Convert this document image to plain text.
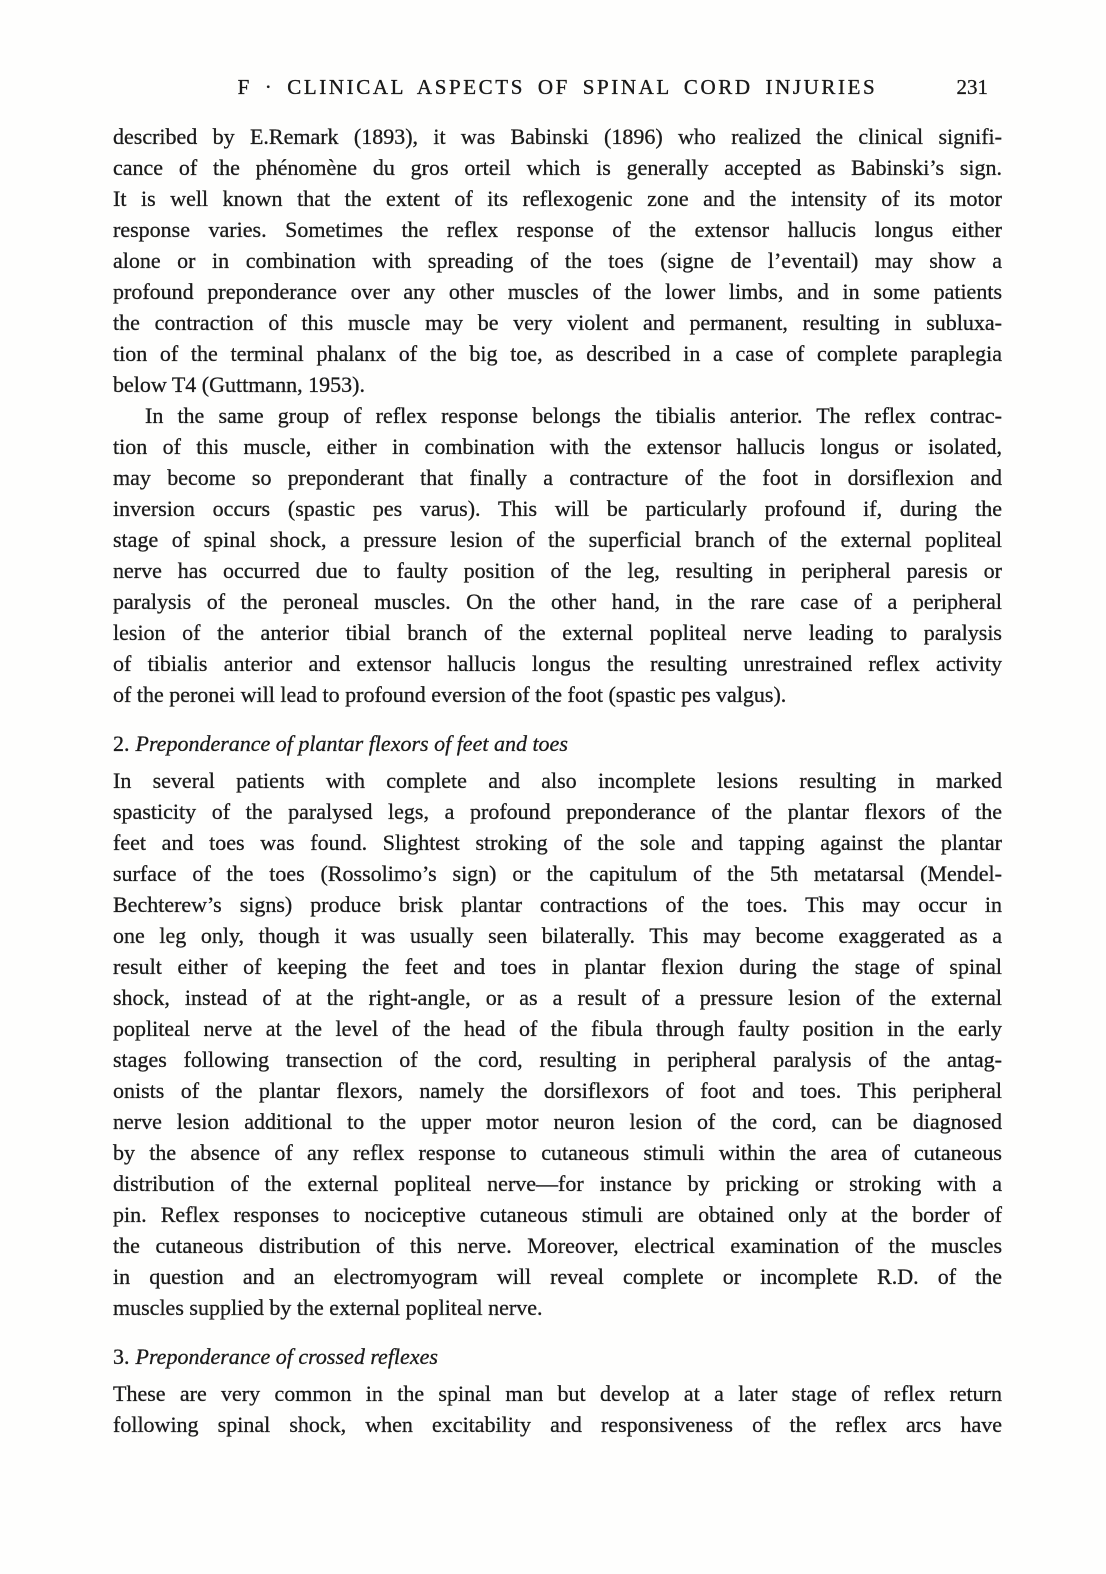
F · CLINICAL ASPECTS OF SPINAL CORD INJURIES	231
described by E.Remark (1893), it was Babinski (1896) who realized the clinical signifi-
cance of the phénomène du gros orteil which is generally accepted as Babinski’s sign.
It is well known that the extent of its reflexogenic zone and the intensity of its motor
response varies. Sometimes the reflex response of the extensor hallucis longus either
alone or in combination with spreading of the toes (signe de l’eventail) may show a
profound preponderance over any other muscles of the lower limbs, and in some patients
the contraction of this muscle may be very violent and permanent, resulting in subluxa-
tion of the terminal phalanx of the big toe, as described in a case of complete paraplegia
below T4 (Guttmann, 1953).
In the same group of reflex response belongs the tibialis anterior. The reflex contrac-
tion of this muscle, either in combination with the extensor hallucis longus or isolated,
may become so preponderant that finally a contracture of the foot in dorsiflexion and
inversion occurs (spastic pes varus). This will be particularly profound if, during the
stage of spinal shock, a pressure lesion of the superficial branch of the external popliteal
nerve has occurred due to faulty position of the leg, resulting in peripheral paresis or
paralysis of the peroneal muscles. On the other hand, in the rare case of a peripheral
lesion of the anterior tibial branch of the external popliteal nerve leading to paralysis
of tibialis anterior and extensor hallucis longus the resulting unrestrained reflex activity
of the peronei will lead to profound eversion of the foot (spastic pes valgus).
2. Preponderance of plantar flexors of feet and toes
In several patients with complete and also incomplete lesions resulting in marked
spasticity of the paralysed legs, a profound preponderance of the plantar flexors of the
feet and toes was found. Slightest stroking of the sole and tapping against the plantar
surface of the toes (Rossolimo’s sign) or the capitulum of the 5th metatarsal (Mendel-
Bechterew’s signs) produce brisk plantar contractions of the toes. This may occur in
one leg only, though it was usually seen bilaterally. This may become exaggerated as a
result either of keeping the feet and toes in plantar flexion during the stage of spinal
shock, instead of at the right-angle, or as a result of a pressure lesion of the external
popliteal nerve at the level of the head of the fibula through faulty position in the early
stages following transection of the cord, resulting in peripheral paralysis of the antag-
onists of the plantar flexors, namely the dorsiflexors of foot and toes. This peripheral
nerve lesion additional to the upper motor neuron lesion of the cord, can be diagnosed
by the absence of any reflex response to cutaneous stimuli within the area of cutaneous
distribution of the external popliteal nerve—for instance by pricking or stroking with a
pin. Reflex responses to nociceptive cutaneous stimuli are obtained only at the border of
the cutaneous distribution of this nerve. Moreover, electrical examination of the muscles
in question and an electromyogram will reveal complete or incomplete R.D. of the
muscles supplied by the external popliteal nerve.
3. Preponderance of crossed reflexes
These are very common in the spinal man but develop at a later stage of reflex return
following spinal shock, when excitability and responsiveness of the reflex arcs have
